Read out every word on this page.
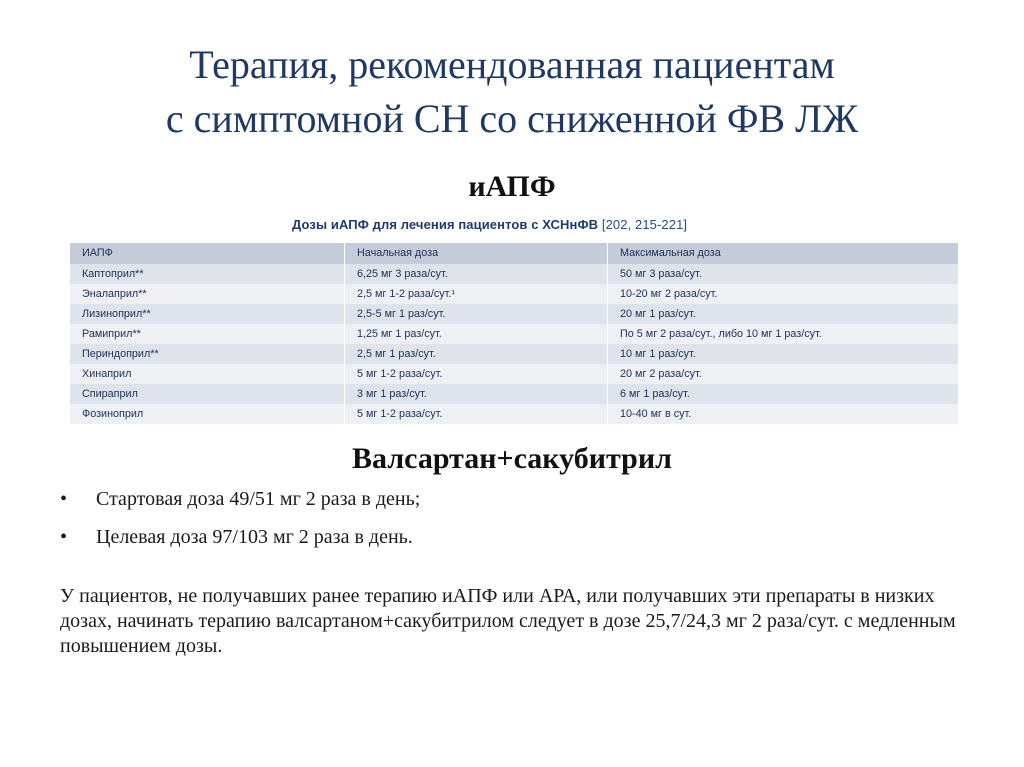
Терапия, рекомендованная пациентам
с симптомной СН со сниженной ФВ ЛЖ
иАПФ
Дозы иАПФ для лечения пациентов с ХСНнФВ [202, 215-221]
ИАПФ	Начальная доза	Максимальная доза
Каптоприл**	6,25 мг 3 раза/сут.	50 мг 3 раза/сут.
Эналаприл**	2,5 мг 1-2 раза/сут.¹	10-20 мг 2 раза/сут.
Лизиноприл**	2,5-5 мг 1 раз/сут.	20 мг 1 раз/сут.
Рамиприл**	1,25 мг 1 раз/сут.	По 5 мг 2 раза/сут., либо 10 мг 1 раз/сут.
Периндоприл**	2,5 мг 1 раз/сут.	10 мг 1 раз/сут.
Хинаприл	5 мг 1-2 раза/сут.	20 мг 2 раза/сут.
Спираприл	3 мг 1 раз/сут.	6 мг 1 раз/сут.
Фозиноприл	5 мг 1-2 раза/сут.	10-40 мг в сут.
Валсартан+сакубитрил
•	Стартовая доза 49/51 мг 2 раза в день;
•	Целевая доза 97/103 мг 2 раза в день.
У пациентов, не получавших ранее терапию иАПФ или АРА, или получавших эти препараты в низких дозах, начинать терапию валсартаном+сакубитрилом следует в дозе 25,7/24,3 мг 2 раза/сут. с медленным повышением дозы.
